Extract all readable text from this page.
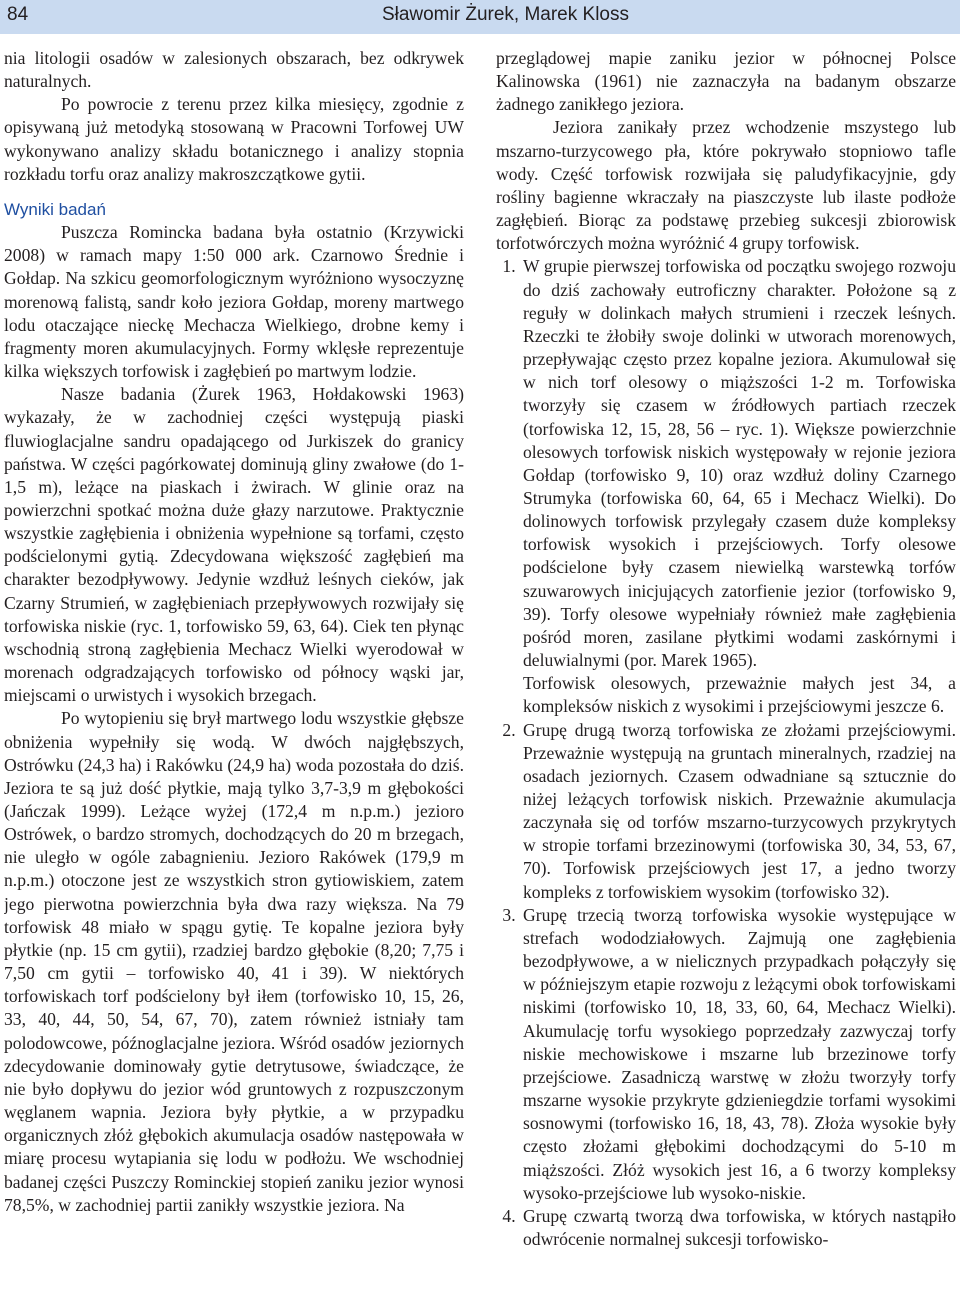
84	Sławomir Żurek, Marek Kloss

nia litologii osadów w zalesionych obszarach, bez odkrywek naturalnych.

Po powrocie z terenu przez kilka miesięcy, zgodnie z opisywaną już metodyką stosowaną w Pracowni Torfowej UW wykonywano analizy składu botanicznego i analizy stopnia rozkładu torfu oraz analizy makroszczątkowe gytii.

Wyniki badań

Puszcza Romincka badana była ostatnio (Krzywicki 2008) w ramach mapy 1:50 000 ark. Czarnowo Średnie i Gołdap. Na szkicu geomorfologicznym wyróżniono wysoczyznę morenową falistą, sandr koło jeziora Gołdap, moreny martwego lodu otaczające nieckę Mechacza Wielkiego, drobne kemy i fragmenty moren akumulacyjnych. Formy wklęsłe reprezentuje kilka większych torfowisk i zagłębień po martwym lodzie.

Nasze badania (Żurek 1963, Hołdakowski 1963) wykazały, że w zachodniej części występują piaski fluwioglacjalne sandru opadającego od Jurkiszek do granicy państwa. W części pagórkowatej dominują gliny zwałowe (do 1-1,5 m), leżące na piaskach i żwirach. W glinie oraz na powierzchni spotkać można duże głazy narzutowe. Praktycznie wszystkie zagłębienia i obniżenia wypełnione są torfami, często podścielonymi gytią. Zdecydowana większość zagłębień ma charakter bezodpływowy. Jedynie wzdłuż leśnych cieków, jak Czarny Strumień, w zagłębieniach przepływowych rozwijały się torfowiska niskie (ryc. 1, torfowisko 59, 63, 64). Ciek ten płynąc wschodnią stroną zagłębienia Mechacz Wielki wyerodował w morenach odgradzających torfowisko od północy wąski jar, miejscami o urwistych i wysokich brzegach.

Po wytopieniu się brył martwego lodu wszystkie głębsze obniżenia wypełniły się wodą. W dwóch najgłębszych, Ostrówku (24,3 ha) i Rakówku (24,9 ha) woda pozostała do dziś. Jeziora te są już dość płytkie, mają tylko 3,7-3,9 m głębokości (Jańczak 1999). Leżące wyżej (172,4 m n.p.m.) jezioro Ostrówek, o bardzo stromych, dochodzących do 20 m brzegach, nie uległo w ogóle zabagnieniu. Jezioro Rakówek (179,9 m n.p.m.) otoczone jest ze wszystkich stron gytiowiskiem, zatem jego pierwotna powierzchnia była dwa razy większa. Na 79 torfowisk 48 miało w spągu gytię. Te kopalne jeziora były płytkie (np. 15 cm gytii), rzadziej bardzo głębokie (8,20; 7,75 i 7,50 cm gytii – torfowisko 40, 41 i 39). W niektórych torfowiskach torf podścielony był iłem (torfowisko 10, 15, 26, 33, 40, 44, 50, 54, 67, 70), zatem również istniały tam polodowcowe, późnoglacjalne jeziora. Wśród osadów jeziornych zdecydowanie dominowały gytie detrytusowe, świadczące, że nie było dopływu do jezior wód gruntowych z rozpuszczonym węglanem wapnia. Jeziora były płytkie, a w przypadku organicznych złóż głębokich akumulacja osadów następowała w miarę procesu wytapiania się lodu w podłożu. We wschodniej badanej części Puszczy Rominckiej stopień zaniku jezior wynosi 78,5%, w zachodniej partii zanikły wszystkie jeziora. Na

przeglądowej mapie zaniku jezior w północnej Polsce Kalinowska (1961) nie zaznaczyła na badanym obszarze żadnego zanikłego jeziora.

Jeziora zanikały przez wchodzenie mszystego lub mszarno-turzycowego pła, które pokrywało stopniowo tafle wody. Część torfowisk rozwijała się paludyfikacyjnie, gdy rośliny bagienne wkraczały na piaszczyste lub ilaste podłoże zagłębień. Biorąc za podstawę przebieg sukcesji zbiorowisk torfotwórczych można wyróżnić 4 grupy torfowisk.

1. W grupie pierwszej torfowiska od początku swojego rozwoju do dziś zachowały eutroficzny charakter. Położone są z reguły w dolinkach małych strumieni i rzeczek leśnych. Rzeczki te żłobiły swoje dolinki w utworach morenowych, przepływając często przez kopalne jeziora. Akumulował się w nich torf olesowy o miąższości 1-2 m. Torfowiska tworzyły się czasem w źródłowych partiach rzeczek (torfowiska 12, 15, 28, 56 – ryc. 1). Większe powierzchnie olesowych torfowisk niskich występowały w rejonie jeziora Gołdap (torfowisko 9, 10) oraz wzdłuż doliny Czarnego Strumyka (torfowiska 60, 64, 65 i Mechacz Wielki). Do dolinowych torfowisk przylegały czasem duże kompleksy torfowisk wysokich i przejściowych. Torfy olesowe podścielone były czasem niewielką warstewką torfów szuwarowych inicjujących zatorfienie jezior (torfowisko 9, 39). Torfy olesowe wypełniały również małe zagłębienia pośród moren, zasilane płytkimi wodami zaskórnymi i deluwialnymi (por. Marek 1965).

Torfowisk olesowych, przeważnie małych jest 34, a kompleksów niskich z wysokimi i przejściowymi jeszcze 6.

2. Grupę drugą tworzą torfowiska ze złożami przejściowymi. Przeważnie występują na gruntach mineralnych, rzadziej na osadach jeziornych. Czasem odwadniane są sztucznie do niżej leżących torfowisk niskich. Przeważnie akumulacja zaczynała się od torfów mszarno-turzycowych przykrytych w stropie torfami brzezinowymi (torfowiska 30, 34, 53, 67, 70). Torfowisk przejściowych jest 17, a jedno tworzy kompleks z torfowiskiem wysokim (torfowisko 32).

3. Grupę trzecią tworzą torfowiska wysokie występujące w strefach wododziałowych. Zajmują one zagłębienia bezodpływowe, a w nielicznych przypadkach połączyły się w późniejszym etapie rozwoju z leżącymi obok torfowiskami niskimi (torfowisko 10, 18, 33, 60, 64, Mechacz Wielki). Akumulację torfu wysokiego poprzedzały zazwyczaj torfy niskie mechowiskowe i mszarne lub brzezinowe torfy przejściowe. Zasadniczą warstwę w złożu tworzyły torfy mszarne wysokie przykryte gdzieniegdzie torfami wysokimi sosnowymi (torfowisko 16, 18, 43, 78). Złoża wysokie były często złożami głębokimi dochodzącymi do 5-10 m miąższości. Złóż wysokich jest 16, a 6 tworzy kompleksy wysoko-przejściowe lub wysoko-niskie.

4. Grupę czwartą tworzą dwa torfowiska, w których nastąpiło odwrócenie normalnej sukcesji torfowisko-
